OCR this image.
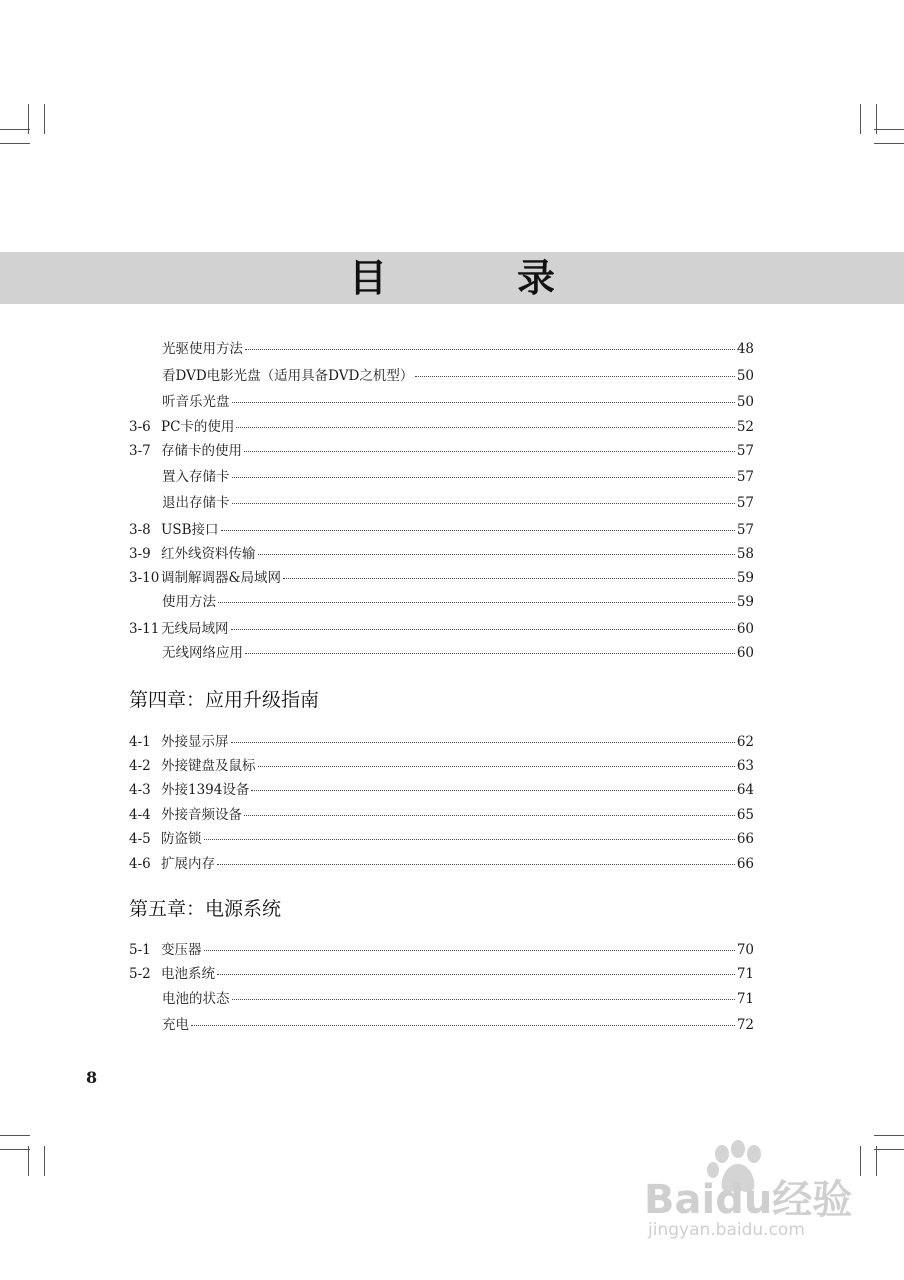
目　录
光驱使用方法	48
看DVD电影光盘（适用具备DVD之机型）	50
听音乐光盘	50
3-6 PC卡的使用	52
3-7 存储卡的使用	57
置入存储卡	57
退出存储卡	57
3-8 USB接口	57
3-9 红外线资料传输	58
3-10 调制解调器&局域网	59
使用方法	59
3-11 无线局域网	60
无线网络应用	60
第四章：应用升级指南
4-1 外接显示屏	62
4-2 外接键盘及鼠标	63
4-3 外接1394设备	64
4-4 外接音频设备	65
4-5 防盗锁	66
4-6 扩展内存	66
第五章：电源系统
5-1 变压器	70
5-2 电池系统	71
电池的状态	71
充电	72
8
Baidu经验
jingyan.baidu.com
